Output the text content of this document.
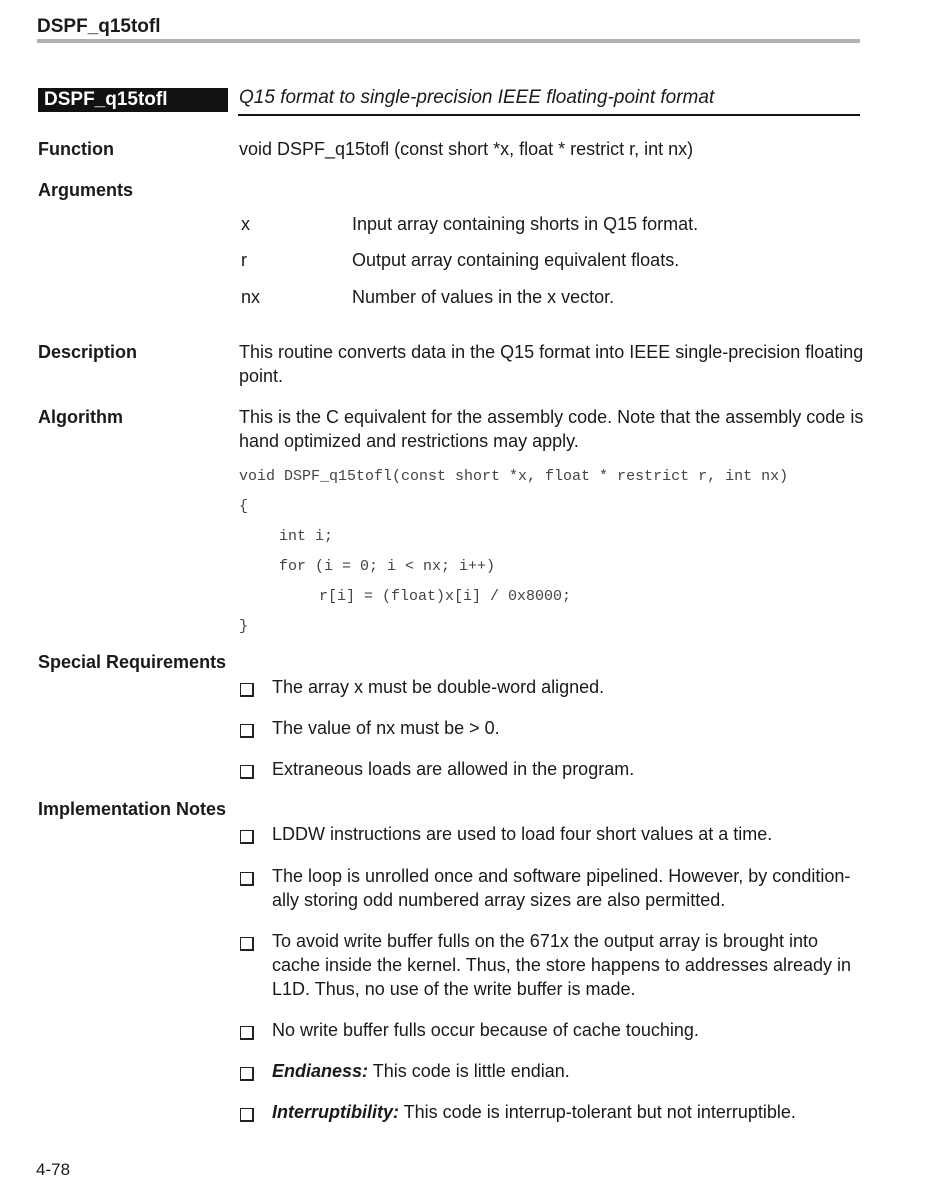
DSPF_q15tofl
DSPF_q15tofl	Q15 format to single-precision IEEE floating-point format
Function	void DSPF_q15tofl (const short *x, float * restrict r, int nx)
Arguments
x	Input array containing shorts in Q15 format.
r	Output array containing equivalent floats.
nx	Number of values in the x vector.
Description	This routine converts data in the Q15 format into IEEE single-precision floating point.
Algorithm	This is the C equivalent for the assembly code. Note that the assembly code is hand optimized and restrictions may apply.
void DSPF_q15tofl(const short *x, float * restrict r, int nx)
{
int i;
for (i = 0; i < nx; i++)
r[i] = (float)x[i] / 0x8000;
}
Special Requirements
The array x must be double-word aligned.
The value of nx must be > 0.
Extraneous loads are allowed in the program.
Implementation Notes
LDDW instructions are used to load four short values at a time.
The loop is unrolled once and software pipelined. However, by condition-ally storing odd numbered array sizes are also permitted.
To avoid write buffer fulls on the 671x the output array is brought into cache inside the kernel. Thus, the store happens to addresses already in L1D. Thus, no use of the write buffer is made.
No write buffer fulls occur because of cache touching.
Endianess: This code is little endian.
Interruptibility: This code is interrup-tolerant but not interruptible.
4-78
